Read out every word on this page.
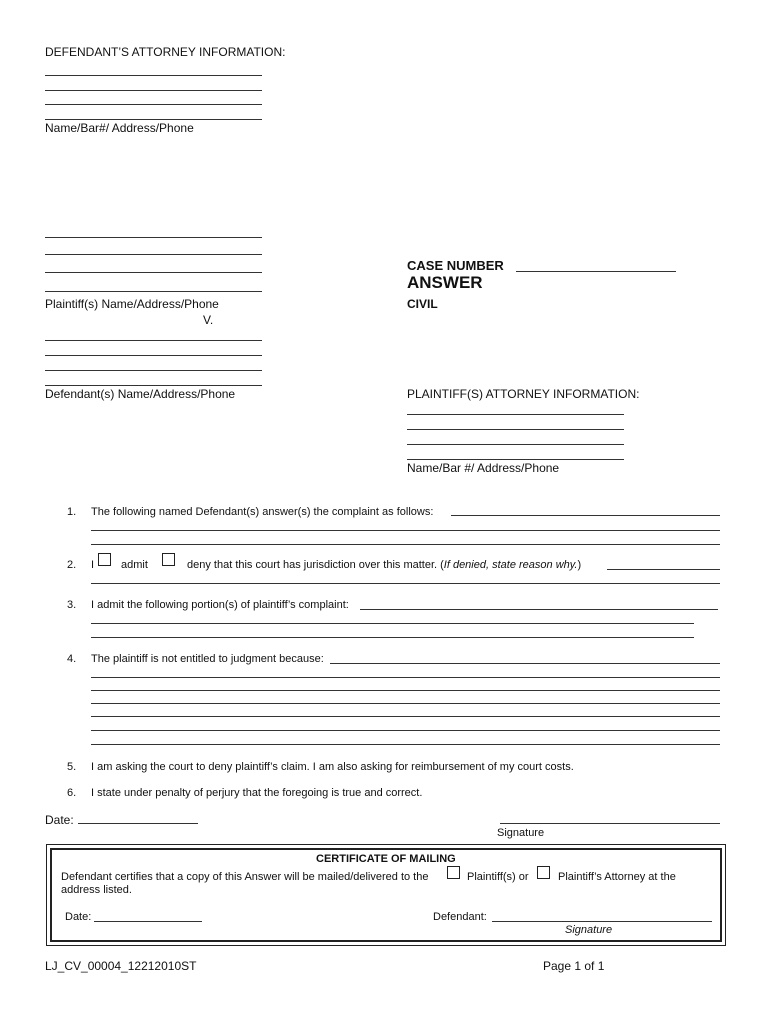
DEFENDANT’S ATTORNEY INFORMATION:
Name/Bar#/ Address/Phone
Plaintiff(s) Name/Address/Phone
V.
Defendant(s) Name/Address/Phone
CASE NUMBER
ANSWER
CIVIL
PLAINTIFF(S) ATTORNEY INFORMATION:
Name/Bar #/ Address/Phone
1. The following named Defendant(s) answer(s) the complaint as follows:
2. I admit	deny that this court has jurisdiction over this matter. (If denied, state reason why.)
3. I admit the following portion(s) of plaintiff’s complaint:
4. The plaintiff is not entitled to judgment because:
5. I am asking the court to deny plaintiff’s claim. I am also asking for reimbursement of my court costs.
6. I state under penalty of perjury that the foregoing is true and correct.
Date:
Signature
CERTIFICATE OF MAILING
Defendant certifies that a copy of this Answer will be mailed/delivered to the	Plaintiff(s) or	Plaintiff’s Attorney at the
address listed.
Date:	Defendant:
Signature
LJ_CV_00004_12212010ST	Page 1 of 1
